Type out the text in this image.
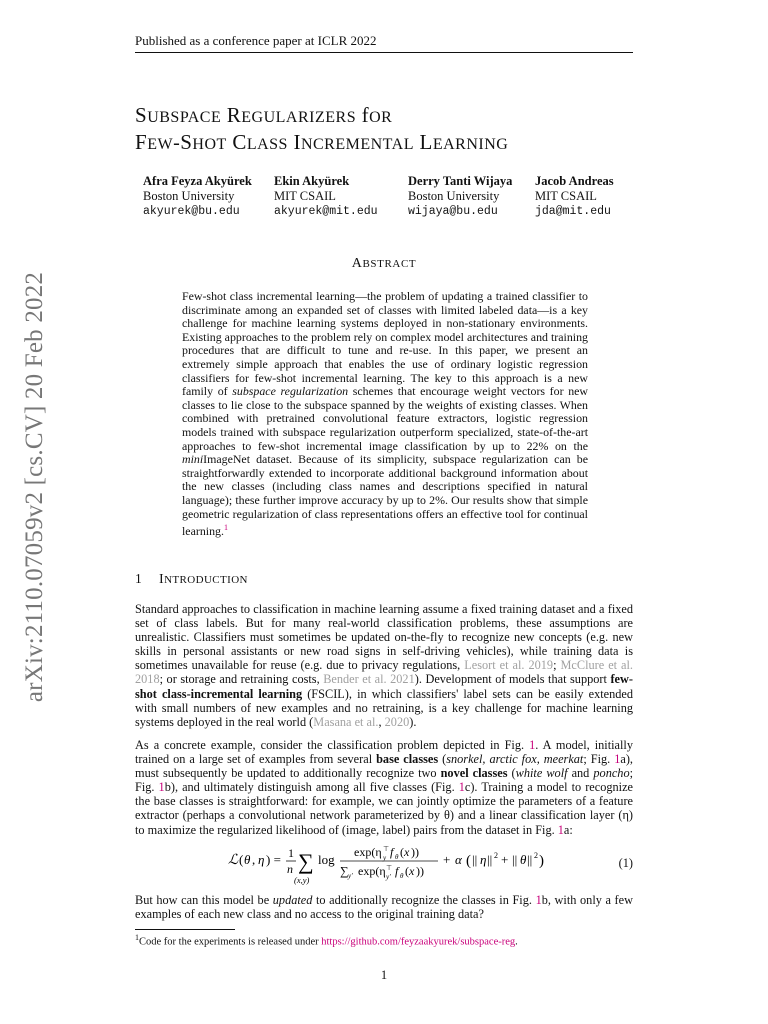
Published as a conference paper at ICLR 2022
arXiv:2110.07059v2 [cs.CV] 20 Feb 2022
SUBSPACE REGULARIZERS fOR
FEW-SHOT CLASS INCREMENTAL LEARNING
Afra Feyza Akyürek
Boston University
akyurek@bu.edu
Ekin Akyürek
MIT CSAIL
akyurek@mit.edu
Derry Tanti Wijaya
Boston University
wijaya@bu.edu
Jacob Andreas
MIT CSAIL
jda@mit.edu
ABSTRACT
Few-shot class incremental learning—the problem of updating a trained classifier to discriminate among an expanded set of classes with limited labeled data—is a key challenge for machine learning systems deployed in non-stationary environments. Existing approaches to the problem rely on complex model architectures and training procedures that are difficult to tune and re-use. In this paper, we present an extremely simple approach that enables the use of ordinary logistic regression classifiers for few-shot incremental learning. The key to this approach is a new family of subspace regularization schemes that encourage weight vectors for new classes to lie close to the subspace spanned by the weights of existing classes. When combined with pretrained convolutional feature extractors, logistic regression models trained with subspace regularization outperform specialized, state-of-the-art approaches to few-shot incremental image classification by up to 22% on the miniImageNet dataset. Because of its simplicity, subspace regularization can be straightforwardly extended to incorporate additional background information about the new classes (including class names and descriptions specified in natural language); these further improve accuracy by up to 2%. Our results show that simple geometric regularization of class representations offers an effective tool for continual learning.$^1$
1 INTRODUCTION
Standard approaches to classification in machine learning assume a fixed training dataset and a fixed set of class labels. But for many real-world classification problems, these assumptions are unrealistic. Classifiers must sometimes be updated on-the-fly to recognize new concepts (e.g. new skills in personal assistants or new road signs in self-driving vehicles), while training data is sometimes unavailable for reuse (e.g. due to privacy regulations, Lesort et al. 2019; McClure et al. 2018; or storage and retraining costs, Bender et al. 2021). Development of models that support few-shot class-incremental learning (FSCIL), in which classifiers' label sets can be easily extended with small numbers of new examples and no retraining, is a key challenge for machine learning systems deployed in the real world (Masana et al., 2020).
As a concrete example, consider the classification problem depicted in Fig. 1. A model, initially trained on a large set of examples from several base classes (snorkel, arctic fox, meerkat; Fig. 1a), must subsequently be updated to additionally recognize two novel classes (white wolf and poncho; Fig. 1b), and ultimately distinguish among all five classes (Fig. 1c). Training a model to recognize the base classes is straightforward: for example, we can jointly optimize the parameters of a feature extractor (perhaps a convolutional network parameterized by θ) and a linear classification layer (η) to maximize the regularized likelihood of (image, label) pairs from the dataset in Fig. 1a:
ℒ ( θ , η ) = 1
n ∑
(x,y)
log exp(η ⊤
y f θ ( x ))
∑ y′ exp(η ⊤
y′ f θ ( x ))
+ α ( || η || 2 + || θ || 2 )	(1)
But how can this model be updated to additionally recognize the classes in Fig. 1b, with only a few examples of each new class and no access to the original training data?
$^1$Code for the experiments is released under https://github.com/feyzaakyurek/subspace-reg.
1
